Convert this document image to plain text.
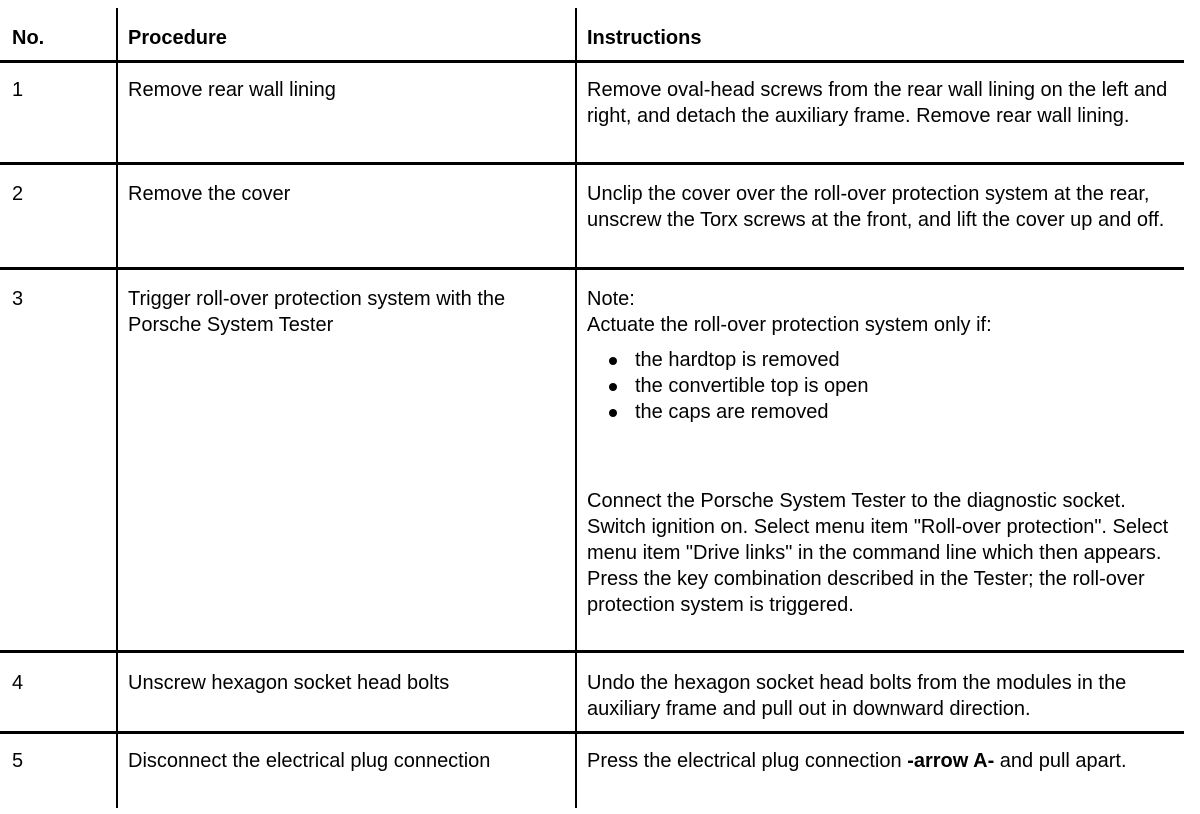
No.	Procedure	Instructions
1	Remove rear wall lining	Remove oval-head screws from the rear wall lining on the left and right, and detach the auxiliary frame. Remove rear wall lining.
2	Remove the cover	Unclip the cover over the roll-over protection system at the rear, unscrew the Torx screws at the front, and lift the cover up and off.
3	Trigger roll-over protection system with the Porsche System Tester
Note:
Actuate the roll-over protection system only if:
the hardtop is removed
the convertible top is open
the caps are removed
Connect the Porsche System Tester to the diagnostic socket. Switch ignition on. Select menu item "Roll-over protection". Select menu item "Drive links" in the command line which then appears. Press the key combination described in the Tester; the roll-over protection system is triggered.
4	Unscrew hexagon socket head bolts	Undo the hexagon socket head bolts from the modules in the auxiliary frame and pull out in downward direction.
5	Disconnect the electrical plug connection	Press the electrical plug connection -arrow A- and pull apart.
